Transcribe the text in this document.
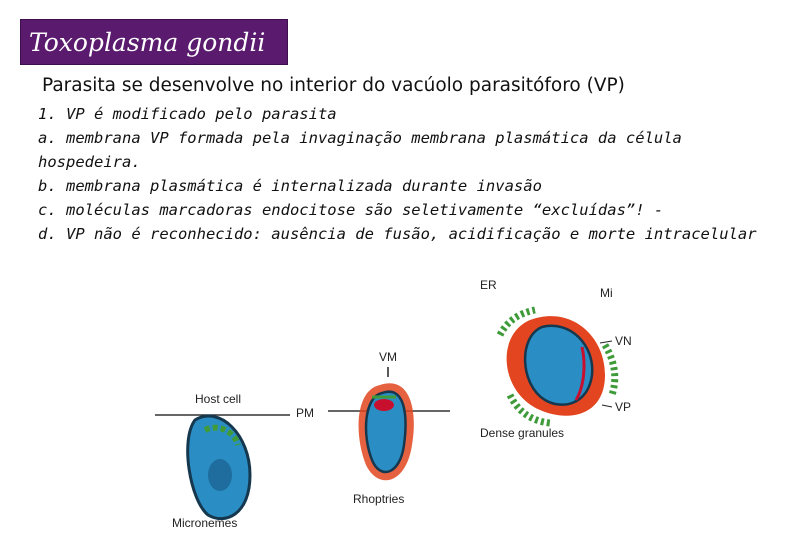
Toxoplasma gondii
Parasita se desenvolve no interior do vacúolo parasitóforo (VP)

1. VP é modificado pelo parasita

a. membrana VP formada pela invaginação membrana plasmática da célula hospedeira.

b. membrana plasmática é internalizada durante invasão

c. moléculas marcadoras endocitose são seletivamente “excluídas”! -

d. VP não é reconhecido: ausência de fusão, acidificação e morte intracelular

Host cell
PM
VM
Micronemes
Rhoptries
ER
Mi
VN
VP
Dense granules
